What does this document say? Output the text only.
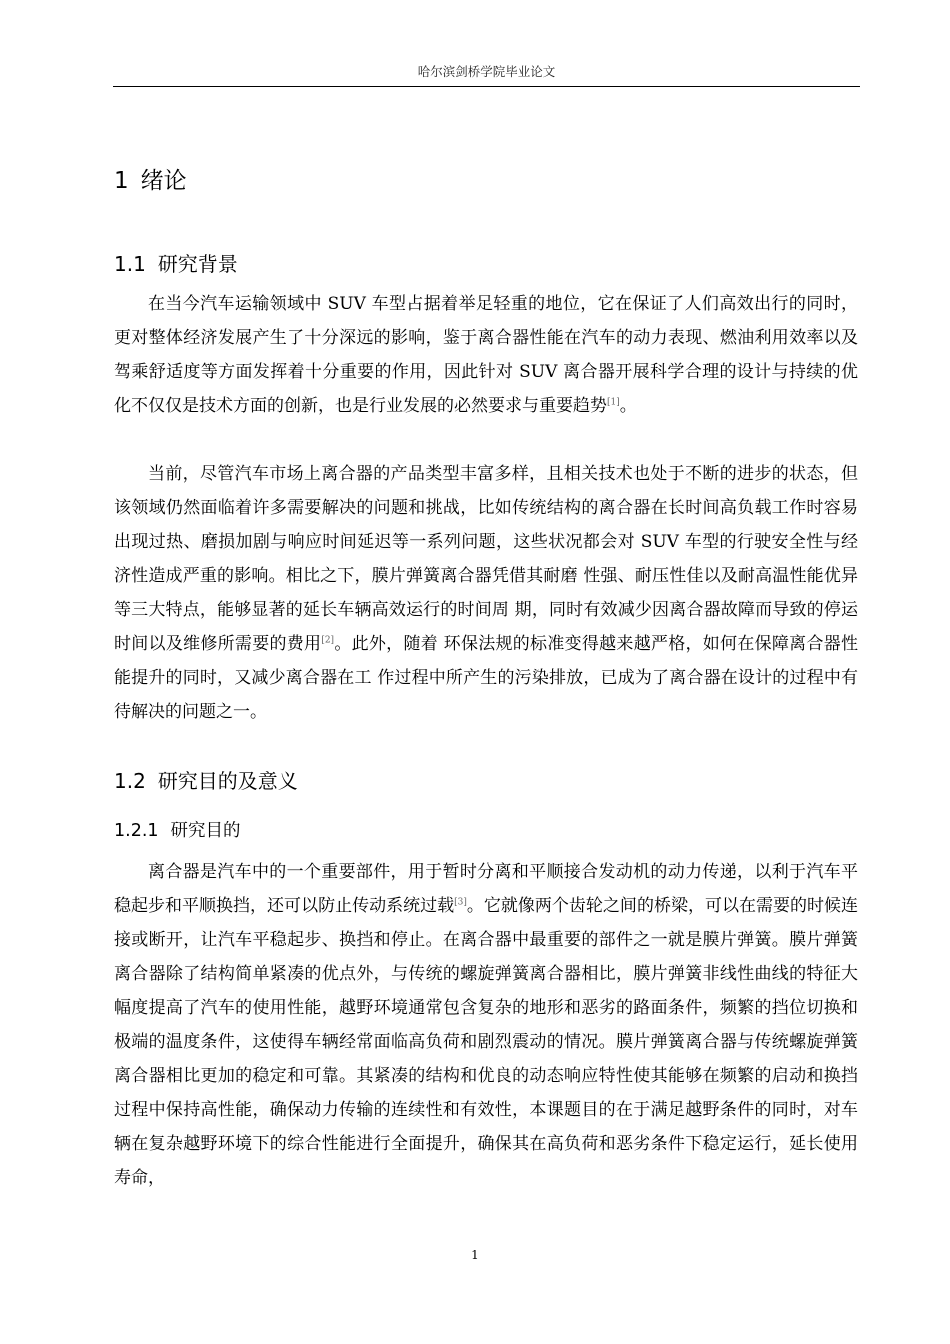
哈尔滨剑桥学院毕业论文
1 绪论
1.1 研究背景

在当今汽车运输领域中 SUV 车型占据着举足轻重的地位，它在保证了人们高效出行的同时，更对整体经济发展产生了十分深远的影响，鉴于离合器性能在汽车的动力表现、燃油利用效率以及驾乘舒适度等方面发挥着十分重要的作用，因此针对 SUV 离合器开展科学合理的设计与持续的优化不仅仅是技术方面的创新，也是行业发展的必然要求与重要趋势[1]。

当前，尽管汽车市场上离合器的产品类型丰富多样，且相关技术也处于不断的进步的状态，但该领域仍然面临着许多需要解决的问题和挑战，比如传统结构的离合器在长时间高负载工作时容易出现过热、磨损加剧与响应时间延迟等一系列问题，这些状况都会对 SUV 车型的行驶安全性与经济性造成严重的影响。相比之下，膜片弹簧离合器凭借其耐磨 性强、耐压性佳以及耐高温性能优异等三大特点，能够显著的延长车辆高效运行的时间周 期，同时有效减少因离合器故障而导致的停运时间以及维修所需要的费用[2]。此外，随着 环保法规的标准变得越来越严格，如何在保障离合器性能提升的同时，又减少离合器在工 作过程中所产生的污染排放，已成为了离合器在设计的过程中有待解决的问题之一。

1.2 研究目的及意义
1.2.1 研究目的

离合器是汽车中的一个重要部件，用于暂时分离和平顺接合发动机的动力传递，以利于汽车平稳起步和平顺换挡，还可以防止传动系统过载[3]。它就像两个齿轮之间的桥梁，可以在需要的时候连接或断开，让汽车平稳起步、换挡和停止。在离合器中最重要的部件之一就是膜片弹簧。膜片弹簧离合器除了结构简单紧凑的优点外，与传统的螺旋弹簧离合器相比，膜片弹簧非线性曲线的特征大幅度提高了汽车的使用性能，越野环境通常包含复杂的地形和恶劣的路面条件，频繁的挡位切换和极端的温度条件，这使得车辆经常面临高负荷和剧烈震动的情况。膜片弹簧离合器与传统螺旋弹簧离合器相比更加的稳定和可靠。其紧凑的结构和优良的动态响应特性使其能够在频繁的启动和换挡过程中保持高性能，确保动力传输的连续性和有效性，本课题目的在于满足越野条件的同时，对车辆在复杂越野环境下的综合性能进行全面提升，确保其在高负荷和恶劣条件下稳定运行，延长使用寿命，

1
